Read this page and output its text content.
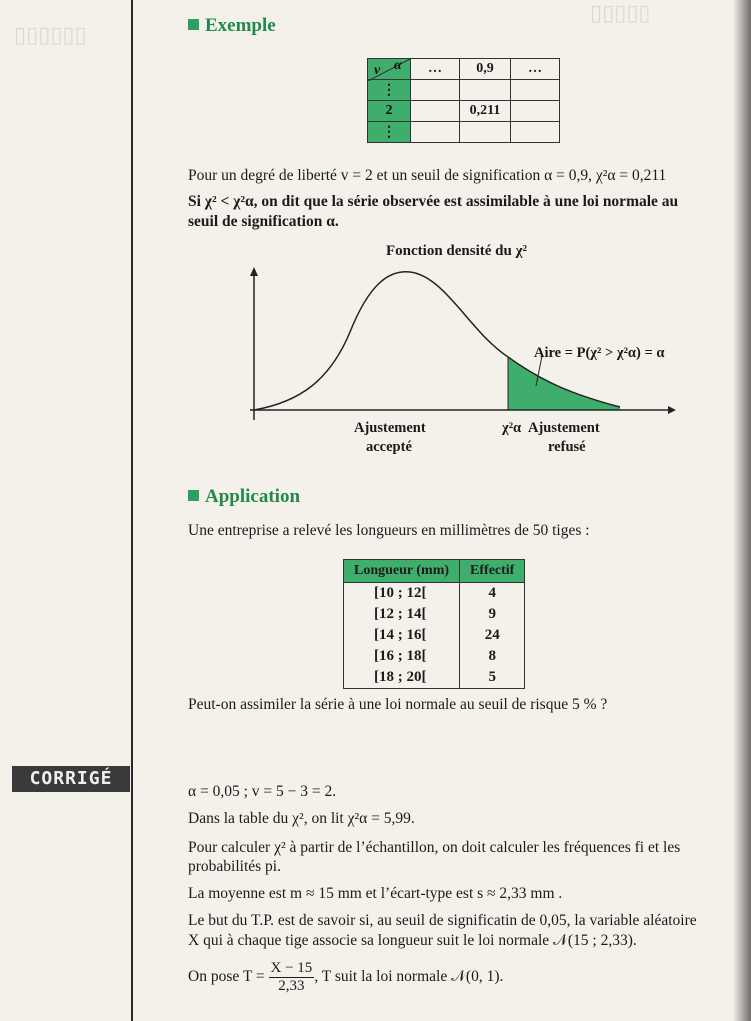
▯▯▯▯▯▯
▯▯▯▯▯
Exemple
v α	…	0,9	…
⋮			
2		0,211	
⋮			
Pour un degré de liberté v = 2 et un seuil de signification α = 0,9, χ²α = 0,211
Si χ² < χ²α, on dit que la série observée est assimilable à une loi normale au
seuil de signification α.
Fonction densité du χ²
Aire = P(χ² > χ²α) = α
Ajustement
accepté
χ²α Ajustement
refusé
Application
Une entreprise a relevé les longueurs en millimètres de 50 tiges :
Longueur (mm)	Effectif
[10 ; 12[	4
[12 ; 14[	9
[14 ; 16[	24
[16 ; 18[	8
[18 ; 20[	5
Peut-on assimiler la série à une loi normale au seuil de risque 5 % ?
CORRIGÉ
α = 0,05 ; v = 5 − 3 = 2.
Dans la table du χ², on lit χ²α = 5,99.
Pour calculer χ² à partir de l’échantillon, on doit calculer les fréquences fi et les
probabilités pi.
La moyenne est m ≈ 15 mm et l’écart-type est s ≈ 2,33 mm .
Le but du T.P. est de savoir si, au seuil de significatin de 0,05, la variable aléatoire
X qui à chaque tige associe sa longueur suit le loi normale 𝒩(15 ; 2,33).
On pose $T = \frac{X - 15}{2,33}$ , T suit la loi normale 𝒩(0, 1).
